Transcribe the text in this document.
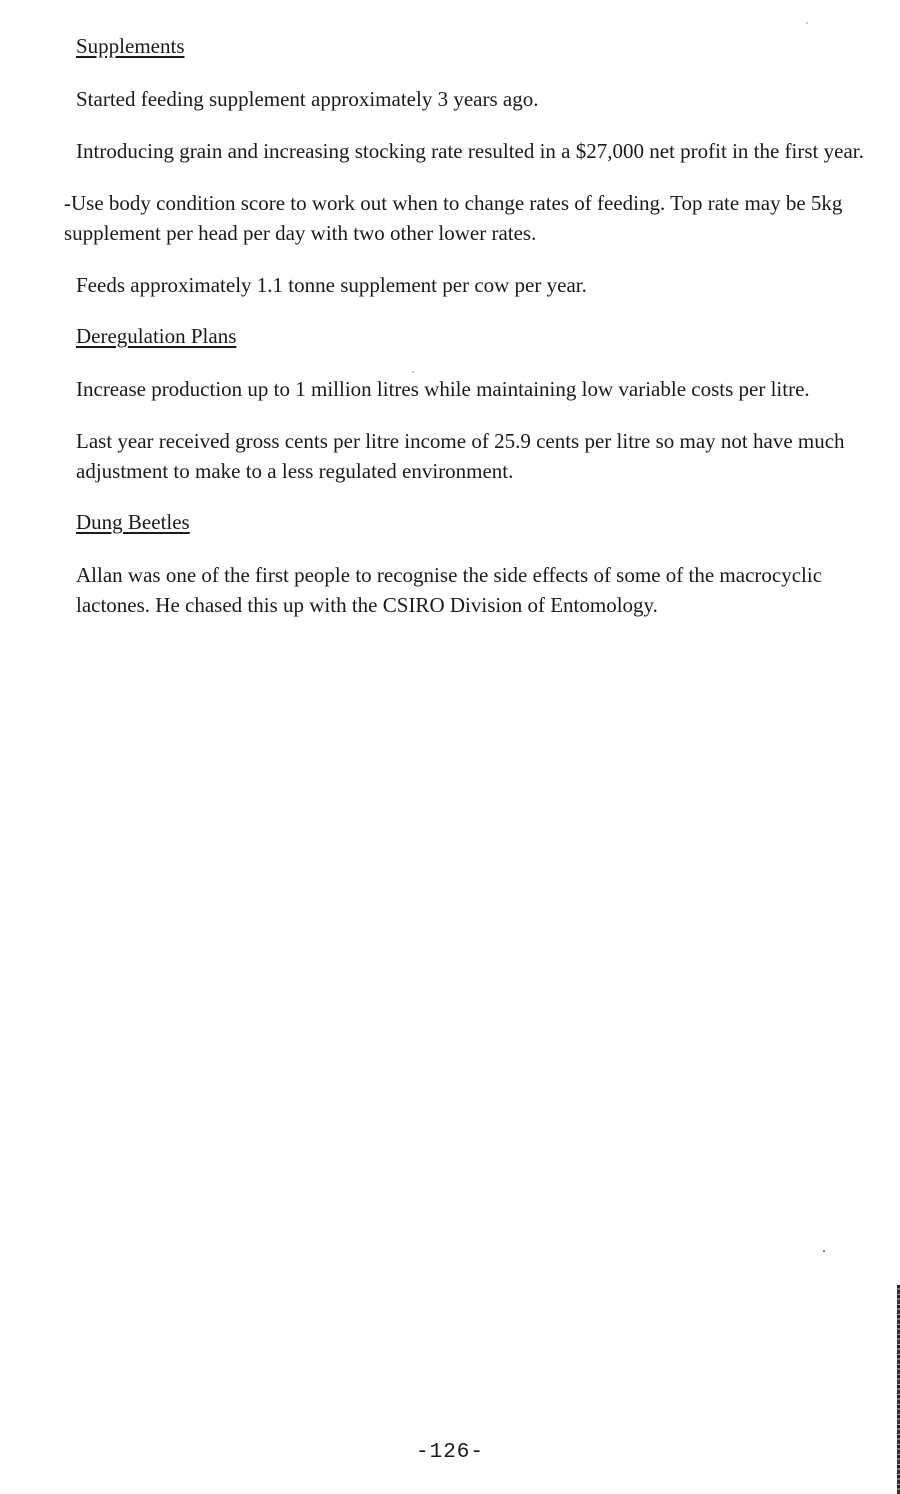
Supplements

Started feeding supplement approximately 3 years ago.

Introducing grain and increasing stocking rate resulted in a $27,000 net profit in the first year.

-Use body condition score to work out when to change rates of feeding. Top rate may be 5kg supplement per head per day with two other lower rates.

Feeds approximately 1.1 tonne supplement per cow per year.

Deregulation Plans

Increase production up to 1 million litres while maintaining low variable costs per litre.

Last year received gross cents per litre income of 25.9 cents per litre so may not have much adjustment to make to a less regulated environment.

Dung Beetles

Allan was one of the first people to recognise the side effects of some of the macrocyclic lactones. He chased this up with the CSIRO Division of Entomology.

-126-
